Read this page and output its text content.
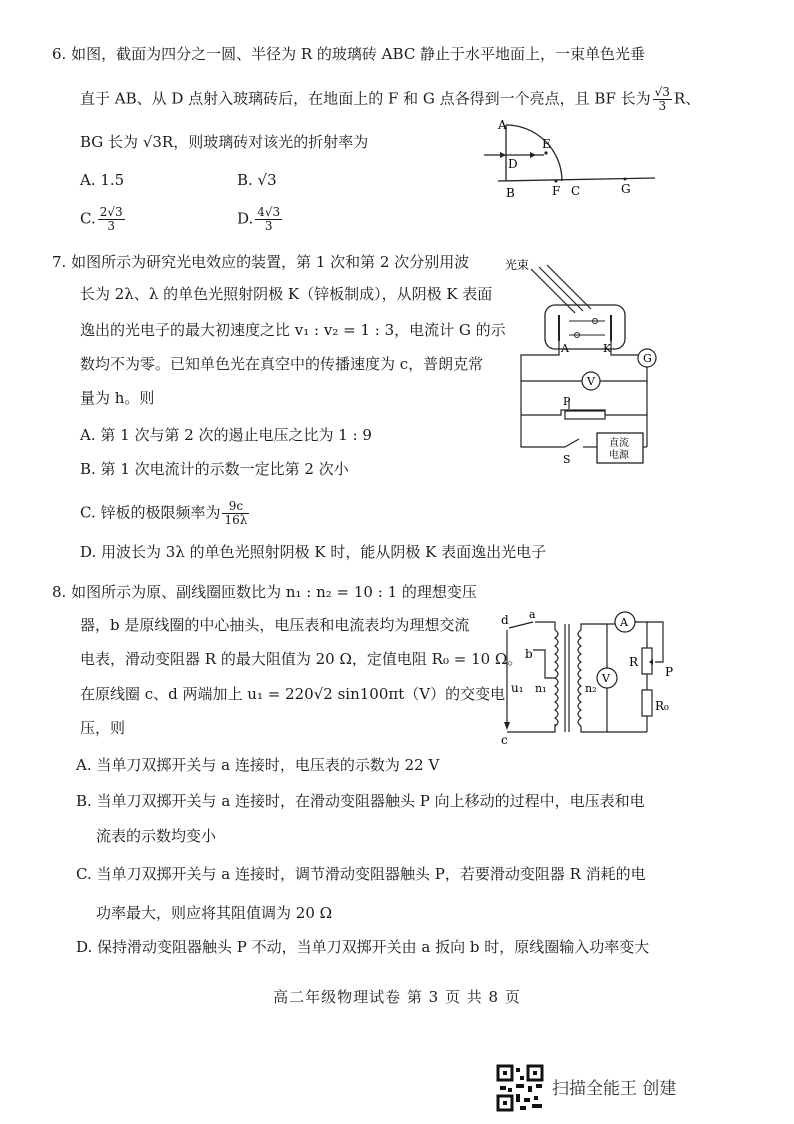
6. 如图，截面为四分之一圆、半径为 R 的玻璃砖 ABC 静止于水平地面上，一束单色光垂
直于 AB、从 D 点射入玻璃砖后，在地面上的 F 和 G 点各得到一个亮点，且 BF 长为 $\frac{√3}{3}$ R、
BG 长为 √3R，则玻璃砖对该光的折射率为
A. 1.5	B. √3
C. $\frac{2√3}{3}$	D. $\frac{4√3}{3}$
A
D
E
B	F C	G
7. 如图所示为研究光电效应的装置，第 1 次和第 2 次分别用波
长为 2λ、λ 的单色光照射阴极 K（锌板制成），从阴极 K 表面
逸出的光电子的最大初速度之比 v₁ : v₂ = 1 : 3，电流计 G 的示
数均不为零。已知单色光在真空中的传播速度为 c，普朗克常
量为 h。则
A. 第 1 次与第 2 次的遏止电压之比为 1 : 9
B. 第 1 次电流计的示数一定比第 2 次小
C. 锌板的极限频率为 $\frac{9c}{16\lambda}$
D. 用波长为 3λ 的单色光照射阴极 K 时，能从阴极 K 表面逸出光电子
光束
A	K
G
V
P
S
直流
电源
8. 如图所示为原、副线圈匝数比为 n₁ : n₂ = 10 : 1 的理想变压
器，b 是原线圈的中心抽头，电压表和电流表均为理想交流
电表，滑动变阻器 R 的最大阻值为 20 Ω，定值电阻 R₀ = 10 Ω。
在原线圈 c、d 两端加上 u₁ = 220√2 sin100πt（V）的交变电
压，则
A. 当单刀双掷开关与 a 连接时，电压表的示数为 22 V
B. 当单刀双掷开关与 a 连接时，在滑动变阻器触头 P 向上移动的过程中，电压表和电
流表的示数均变小
C. 当单刀双掷开关与 a 连接时，调节滑动变阻器触头 P，若要滑动变阻器 R 消耗的电
功率最大，则应将其阻值调为 20 Ω
D. 保持滑动变阻器触头 P 不动，当单刀双掷开关由 a 扳向 b 时，原线圈输入功率变大
d a
b
c
u₁ n₁	n₂
V
A
R
P
R₀
高二年级物理试卷 第 3 页 共 8 页
扫描全能王 创建
